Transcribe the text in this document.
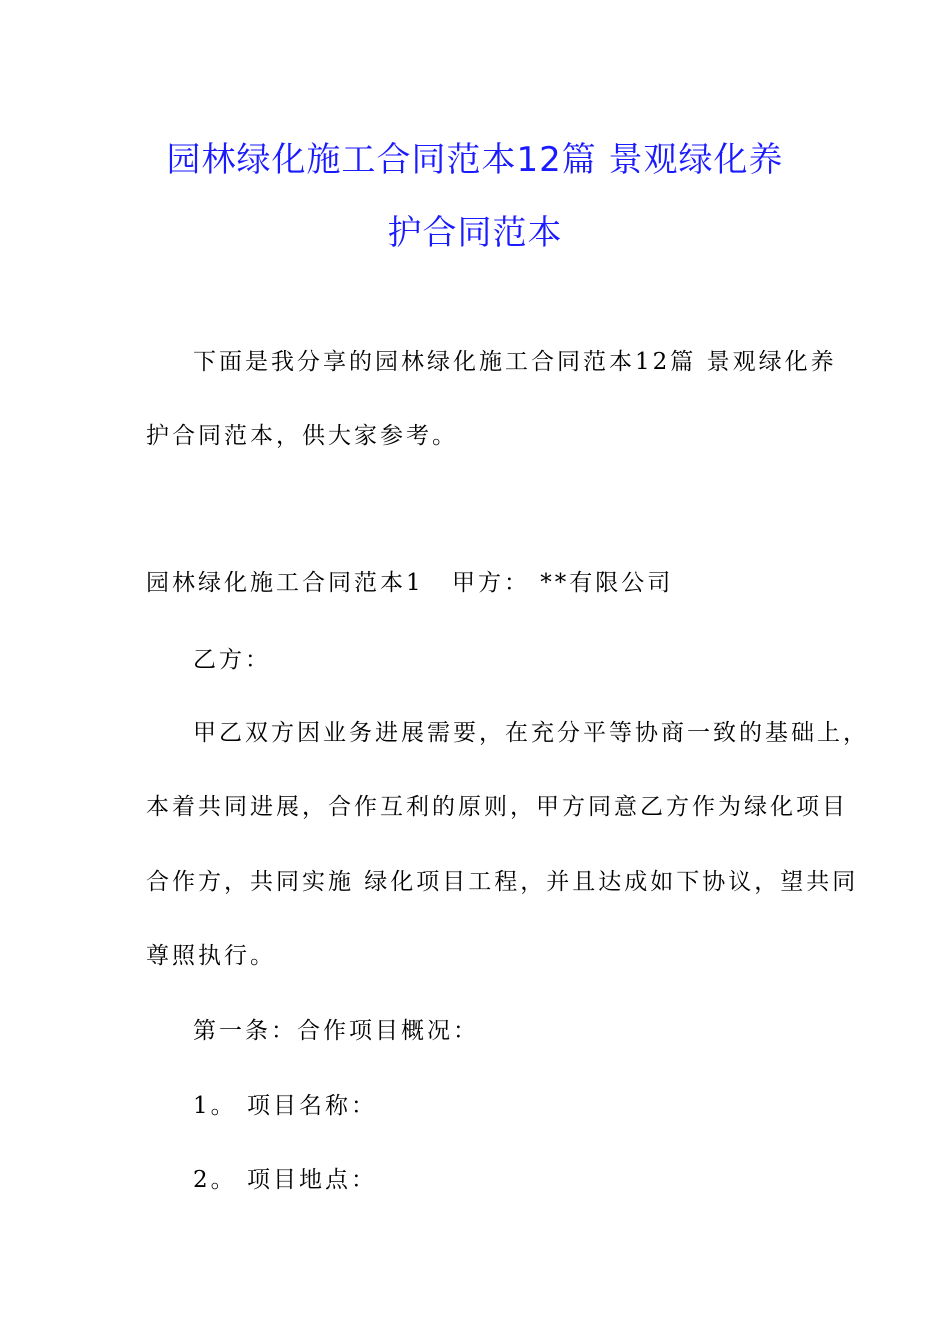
园林绿化施工合同范本12篇 景观绿化养
护合同范本
下面是我分享的园林绿化施工合同范本12篇 景观绿化养
护合同范本，供大家参考。
园林绿化施工合同范本1 甲方： **有限公司
乙方：
甲乙双方因业务进展需要，在充分平等协商一致的基础上，
本着共同进展，合作互利的原则，甲方同意乙方作为绿化项目
合作方，共同实施 绿化项目工程，并且达成如下协议，望共同
尊照执行。
第一条：合作项目概况：
1。 项目名称：
2。 项目地点：
